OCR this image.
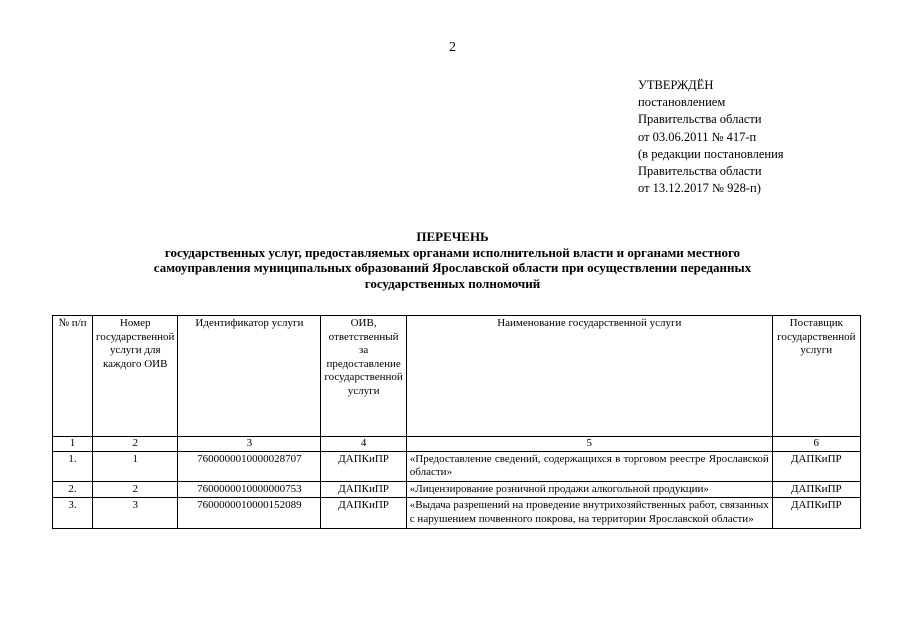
2
УТВЕРЖДЁН
постановлением
Правительства области
от 03.06.2011 № 417-п
(в редакции постановления
Правительства области
от 13.12.2017 № 928-п)
ПЕРЕЧЕНЬ
государственных услуг, предоставляемых органами исполнительной власти и органами местного
самоуправления муниципальных образований Ярославской области при осуществлении переданных
государственных полномочий
№ п/п	Номер государственной услуги для каждого ОИВ	Идентификатор услуги	ОИВ, ответственный за предоставление государственной услуги	Наименование государственной услуги	Поставщик государственной услуги
1	2	3	4	5	6
1.	1	7600000010000028707	ДАПКиПР	«Предоставление сведений, содержащихся в торговом реестре Ярославской области»	ДАПКиПР
2.	2	7600000010000000753	ДАПКиПР	«Лицензирование розничной продажи алкогольной продукции»	ДАПКиПР
3.	3	7600000010000152089	ДАПКиПР	«Выдача разрешений на проведение внутрихозяйственных работ, связанных с нарушением почвенного покрова, на территории Ярославской области»	ДАПКиПР
